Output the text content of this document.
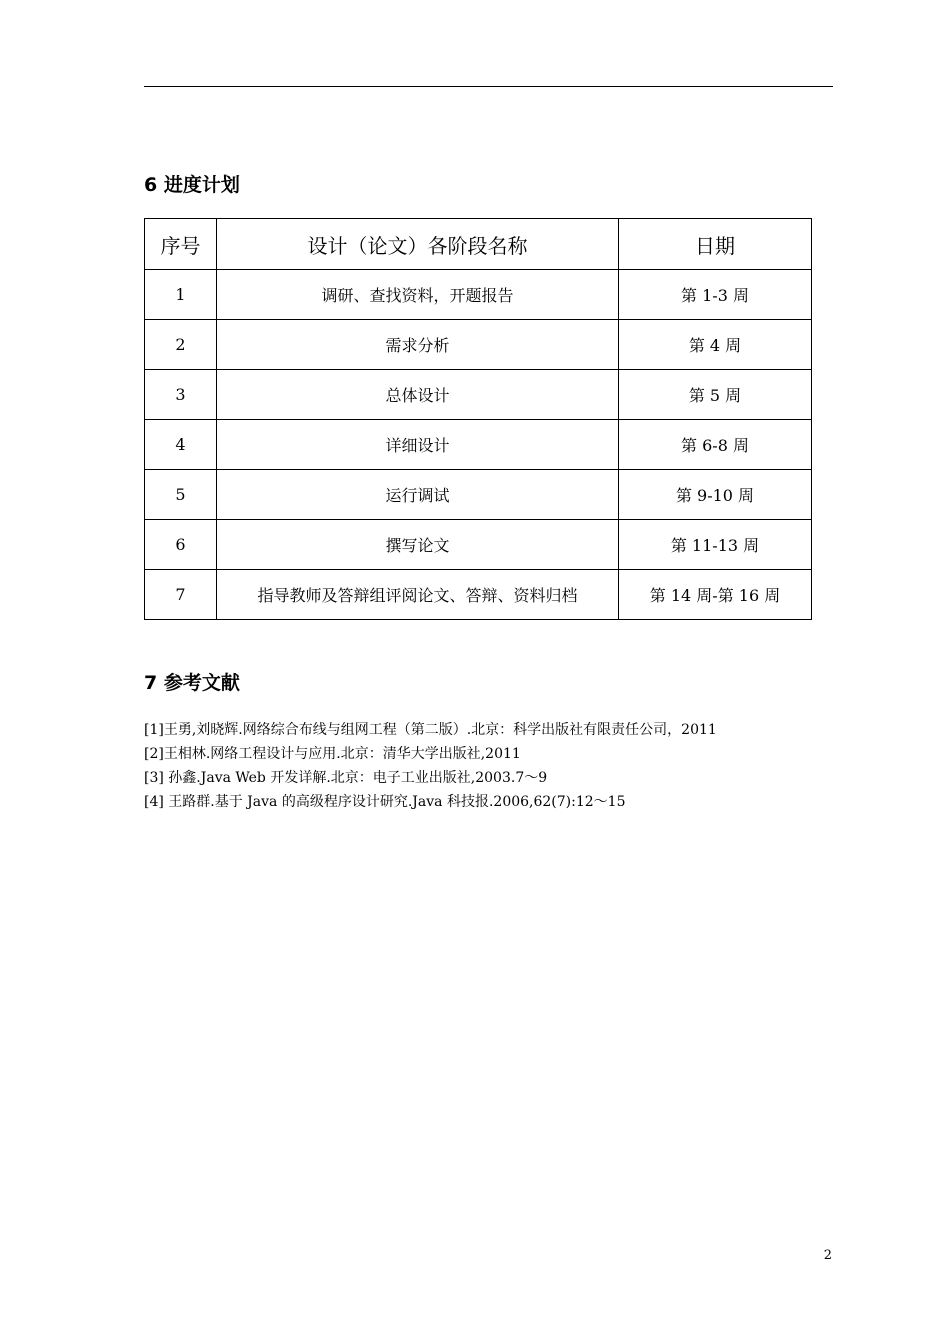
6 进度计划
序号	设计（论文）各阶段名称	日期
1	调研、查找资料，开题报告	第 1-3 周
2	需求分析	第 4 周
3	总体设计	第 5 周
4	详细设计	第 6-8 周
5	运行调试	第 9-10 周
6	撰写论文	第 11-13 周
7	指导教师及答辩组评阅论文、答辩、资料归档	第 14 周-第 16 周
7 参考文献
[1]王勇,刘晓辉.网络综合布线与组网工程（第二版）.北京：科学出版社有限责任公司，2011
[2]王相林.网络工程设计与应用.北京：清华大学出版社,2011
[3] 孙鑫.Java Web 开发详解.北京：电子工业出版社,2003.7～9
[4] 王路群.基于 Java 的高级程序设计研究.Java 科技报.2006,62(7):12～15
2
